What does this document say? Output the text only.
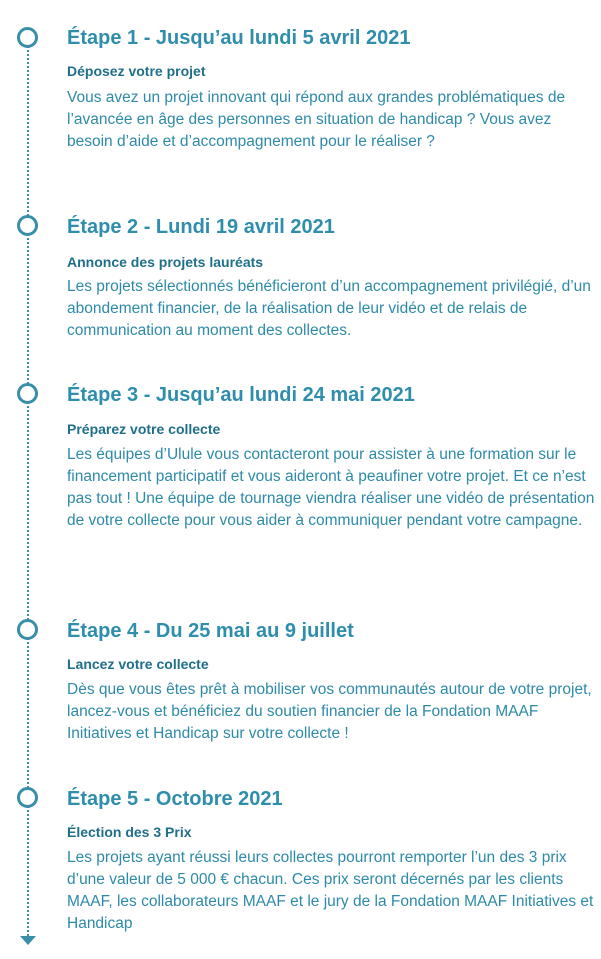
Étape 1 - Jusqu’au lundi 5 avril 2021

Déposez votre projet

Vous avez un projet innovant qui répond aux grandes problématiques de l’avancée en âge des personnes en situation de handicap ? Vous avez besoin d’aide et d’accompagnement pour le réaliser ?

Étape 2 - Lundi 19 avril 2021

Annonce des projets lauréats

Les projets sélectionnés bénéficieront d’un accompagnement privilégié, d’un abondement financier, de la réalisation de leur vidéo et de relais de communication au moment des collectes.

Étape 3 - Jusqu’au lundi 24 mai 2021

Préparez votre collecte

Les équipes d’Ulule vous contacteront pour assister à une formation sur le financement participatif et vous aideront à peaufiner votre projet. Et ce n’est pas tout ! Une équipe de tournage viendra réaliser une vidéo de présentation de votre collecte pour vous aider à communiquer pendant votre campagne.

Étape 4 - Du 25 mai au 9 juillet

Lancez votre collecte

Dès que vous êtes prêt à mobiliser vos communautés autour de votre projet, lancez-vous et bénéficiez du soutien financier de la Fondation MAAF Initiatives et Handicap sur votre collecte !

Étape 5 - Octobre 2021

Élection des 3 Prix

Les projets ayant réussi leurs collectes pourront remporter l’un des 3 prix d’une valeur de 5 000 € chacun. Ces prix seront décernés par les clients MAAF, les collaborateurs MAAF et le jury de la Fondation MAAF Initiatives et Handicap
